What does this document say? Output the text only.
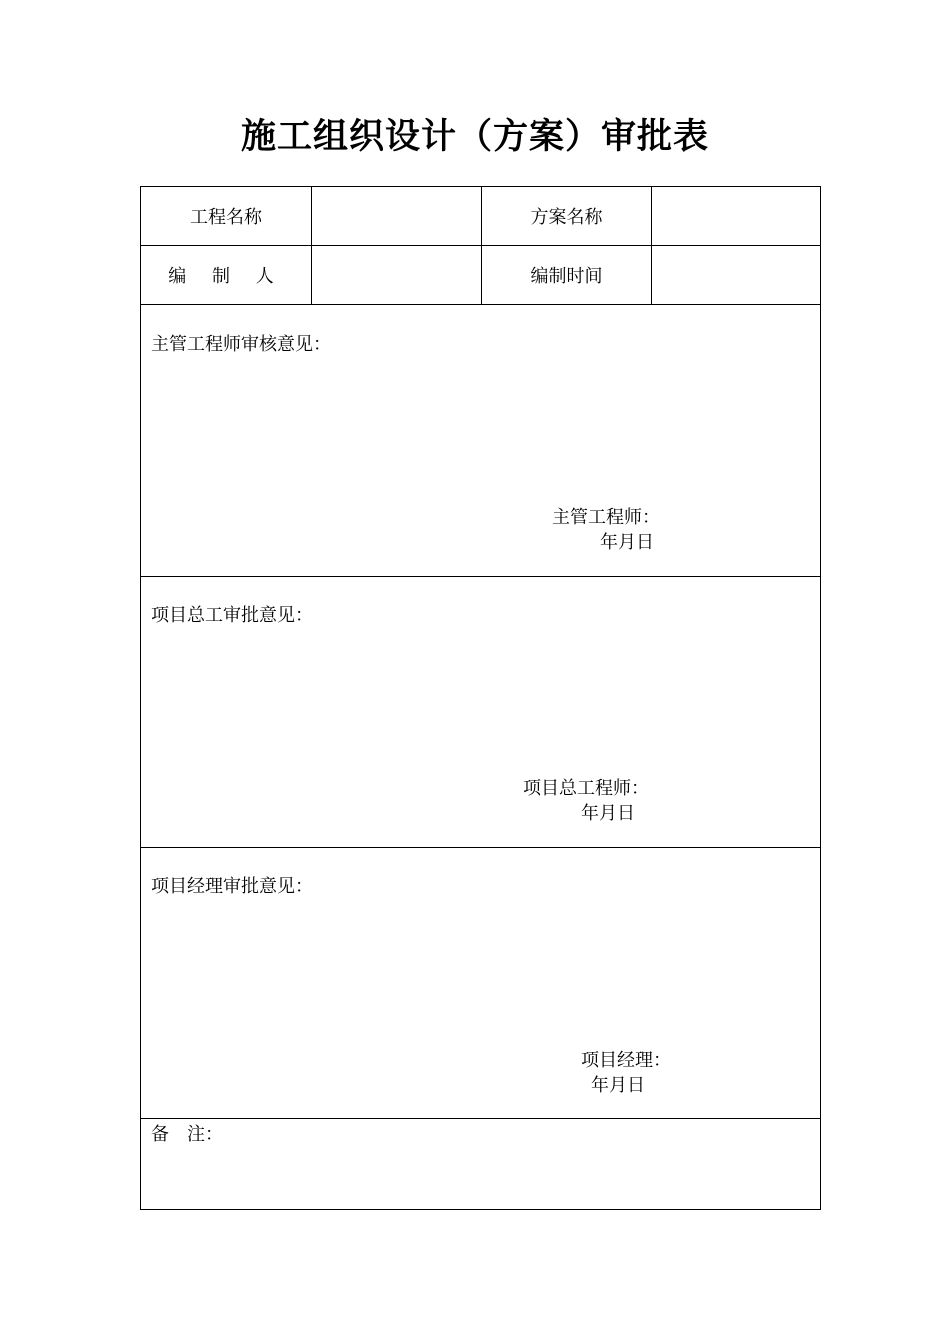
施工组织设计（方案）审批表
工程名称	方案名称
编 制 人	编制时间
主管工程师审核意见：
主管工程师：
年月日
项目总工审批意见：
项目总工程师：
年月日
项目经理审批意见：
项目经理：
年月日
备　注：
